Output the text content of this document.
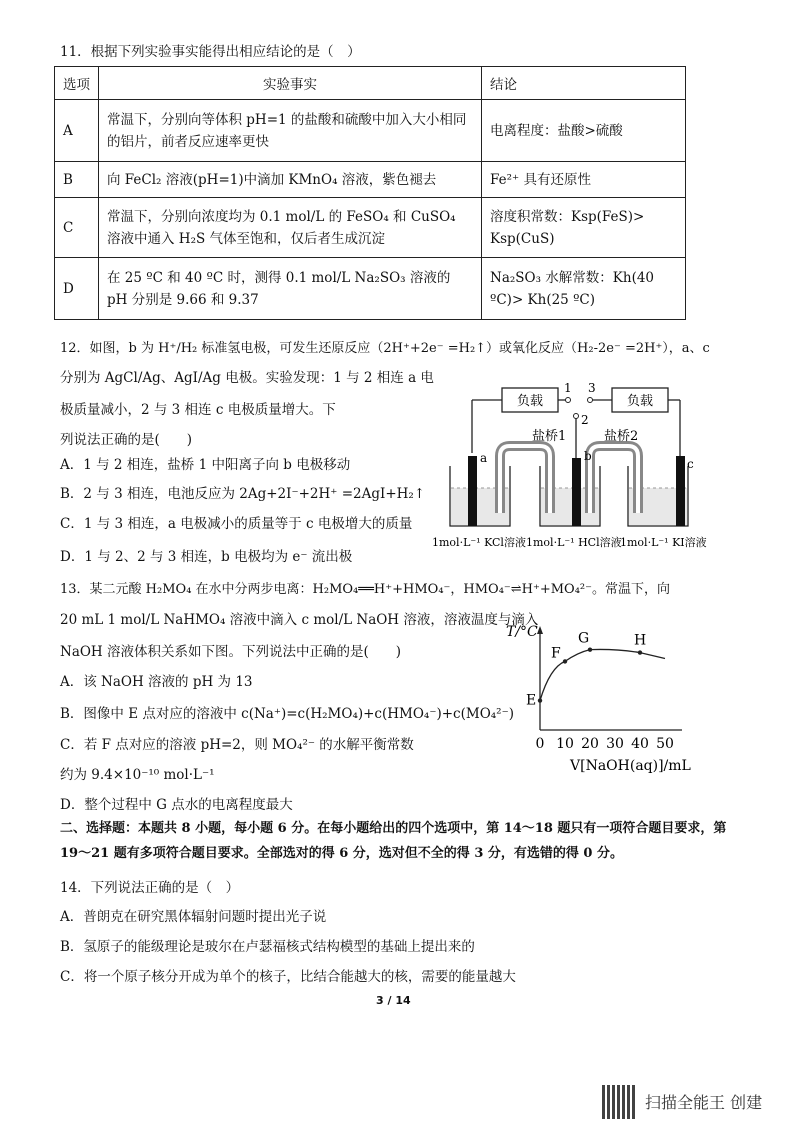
11．根据下列实验事实能得出相应结论的是（　）
选项	实验事实	结论
A	常温下，分别向等体积 pH=1 的盐酸和硫酸中加入大小相同的铝片，前者反应速率更快	电离程度：盐酸>硫酸
B	向 FeCl₂ 溶液(pH=1)中滴加 KMnO₄ 溶液，紫色褪去	Fe²⁺ 具有还原性
C	常温下，分别向浓度均为 0.1 mol/L 的 FeSO₄ 和 CuSO₄ 溶液中通入 H₂S 气体至饱和，仅后者生成沉淀	溶度积常数：Ksp(FeS)> Ksp(CuS)
D	在 25 ºC 和 40 ºC 时，测得 0.1 mol/L Na₂SO₃ 溶液的 pH 分别是 9.66 和 9.37	Na₂SO₃ 水解常数：Kh(40 ºC)> Kh(25 ºC)
12．如图，b 为 H⁺/H₂ 标准氢电极，可发生还原反应（2H⁺+2e⁻ =H₂↑）或氧化反应（H₂-2e⁻ =2H⁺），a、c
分别为 AgCl/Ag、AgI/Ag 电极。实验发现：1 与 2 相连 a 电
极质量减小，2 与 3 相连 c 电极质量增大。下
列说法正确的是(　　)
A．1 与 2 相连，盐桥 1 中阳离子向 b 电极移动
B．2 与 3 相连，电池反应为 2Ag+2I⁻+2H⁺ =2AgI+H₂↑
C．1 与 3 相连，a 电极减小的质量等于 c 电极增大的质量
D．1 与 2、2 与 3 相连，b 电极均为 e⁻ 流出极
负载	负载
1 3
2
盐桥1	盐桥2
a	b
c
1mol·L⁻¹ KCl溶液 1mol·L⁻¹ HCl溶液
1mol·L⁻¹ KI溶液
13．某二元酸 H₂MO₄ 在水中分两步电离：H₂MO₄══H⁺+HMO₄⁻，HMO₄⁻⇌H⁺+MO₄²⁻。常温下，向
20 mL 1 mol/L NaHMO₄ 溶液中滴入 c mol/L NaOH 溶液，溶液温度与滴入
NaOH 溶液体积关系如下图。下列说法中正确的是(　　)
A．该 NaOH 溶液的 pH 为 13
B．图像中 E 点对应的溶液中 c(Na⁺)=c(H₂MO₄)+c(HMO₄⁻)+c(MO₄²⁻)
C．若 F 点对应的溶液 pH=2，则 MO₄²⁻ 的水解平衡常数
约为 9.4×10⁻¹⁰ mol·L⁻¹
D．整个过程中 G 点水的电离程度最大
T/°C
V[NaOH(aq)]/mL
0 10 20 30 40 50
E
F
G	H
二、选择题：本题共 8 小题，每小题 6 分。在每小题给出的四个选项中，第 14～18 题只有一项符合题目要求，第
19～21 题有多项符合题目要求。全部选对的得 6 分，选对但不全的得 3 分，有选错的得 0 分。
14．下列说法正确的是（　）
A．普朗克在研究黑体辐射问题时提出光子说
B．氢原子的能级理论是玻尔在卢瑟福核式结构模型的基础上提出来的
C．将一个原子核分开成为单个的核子，比结合能越大的核，需要的能量越大
3 / 14
扫描全能王 创建
